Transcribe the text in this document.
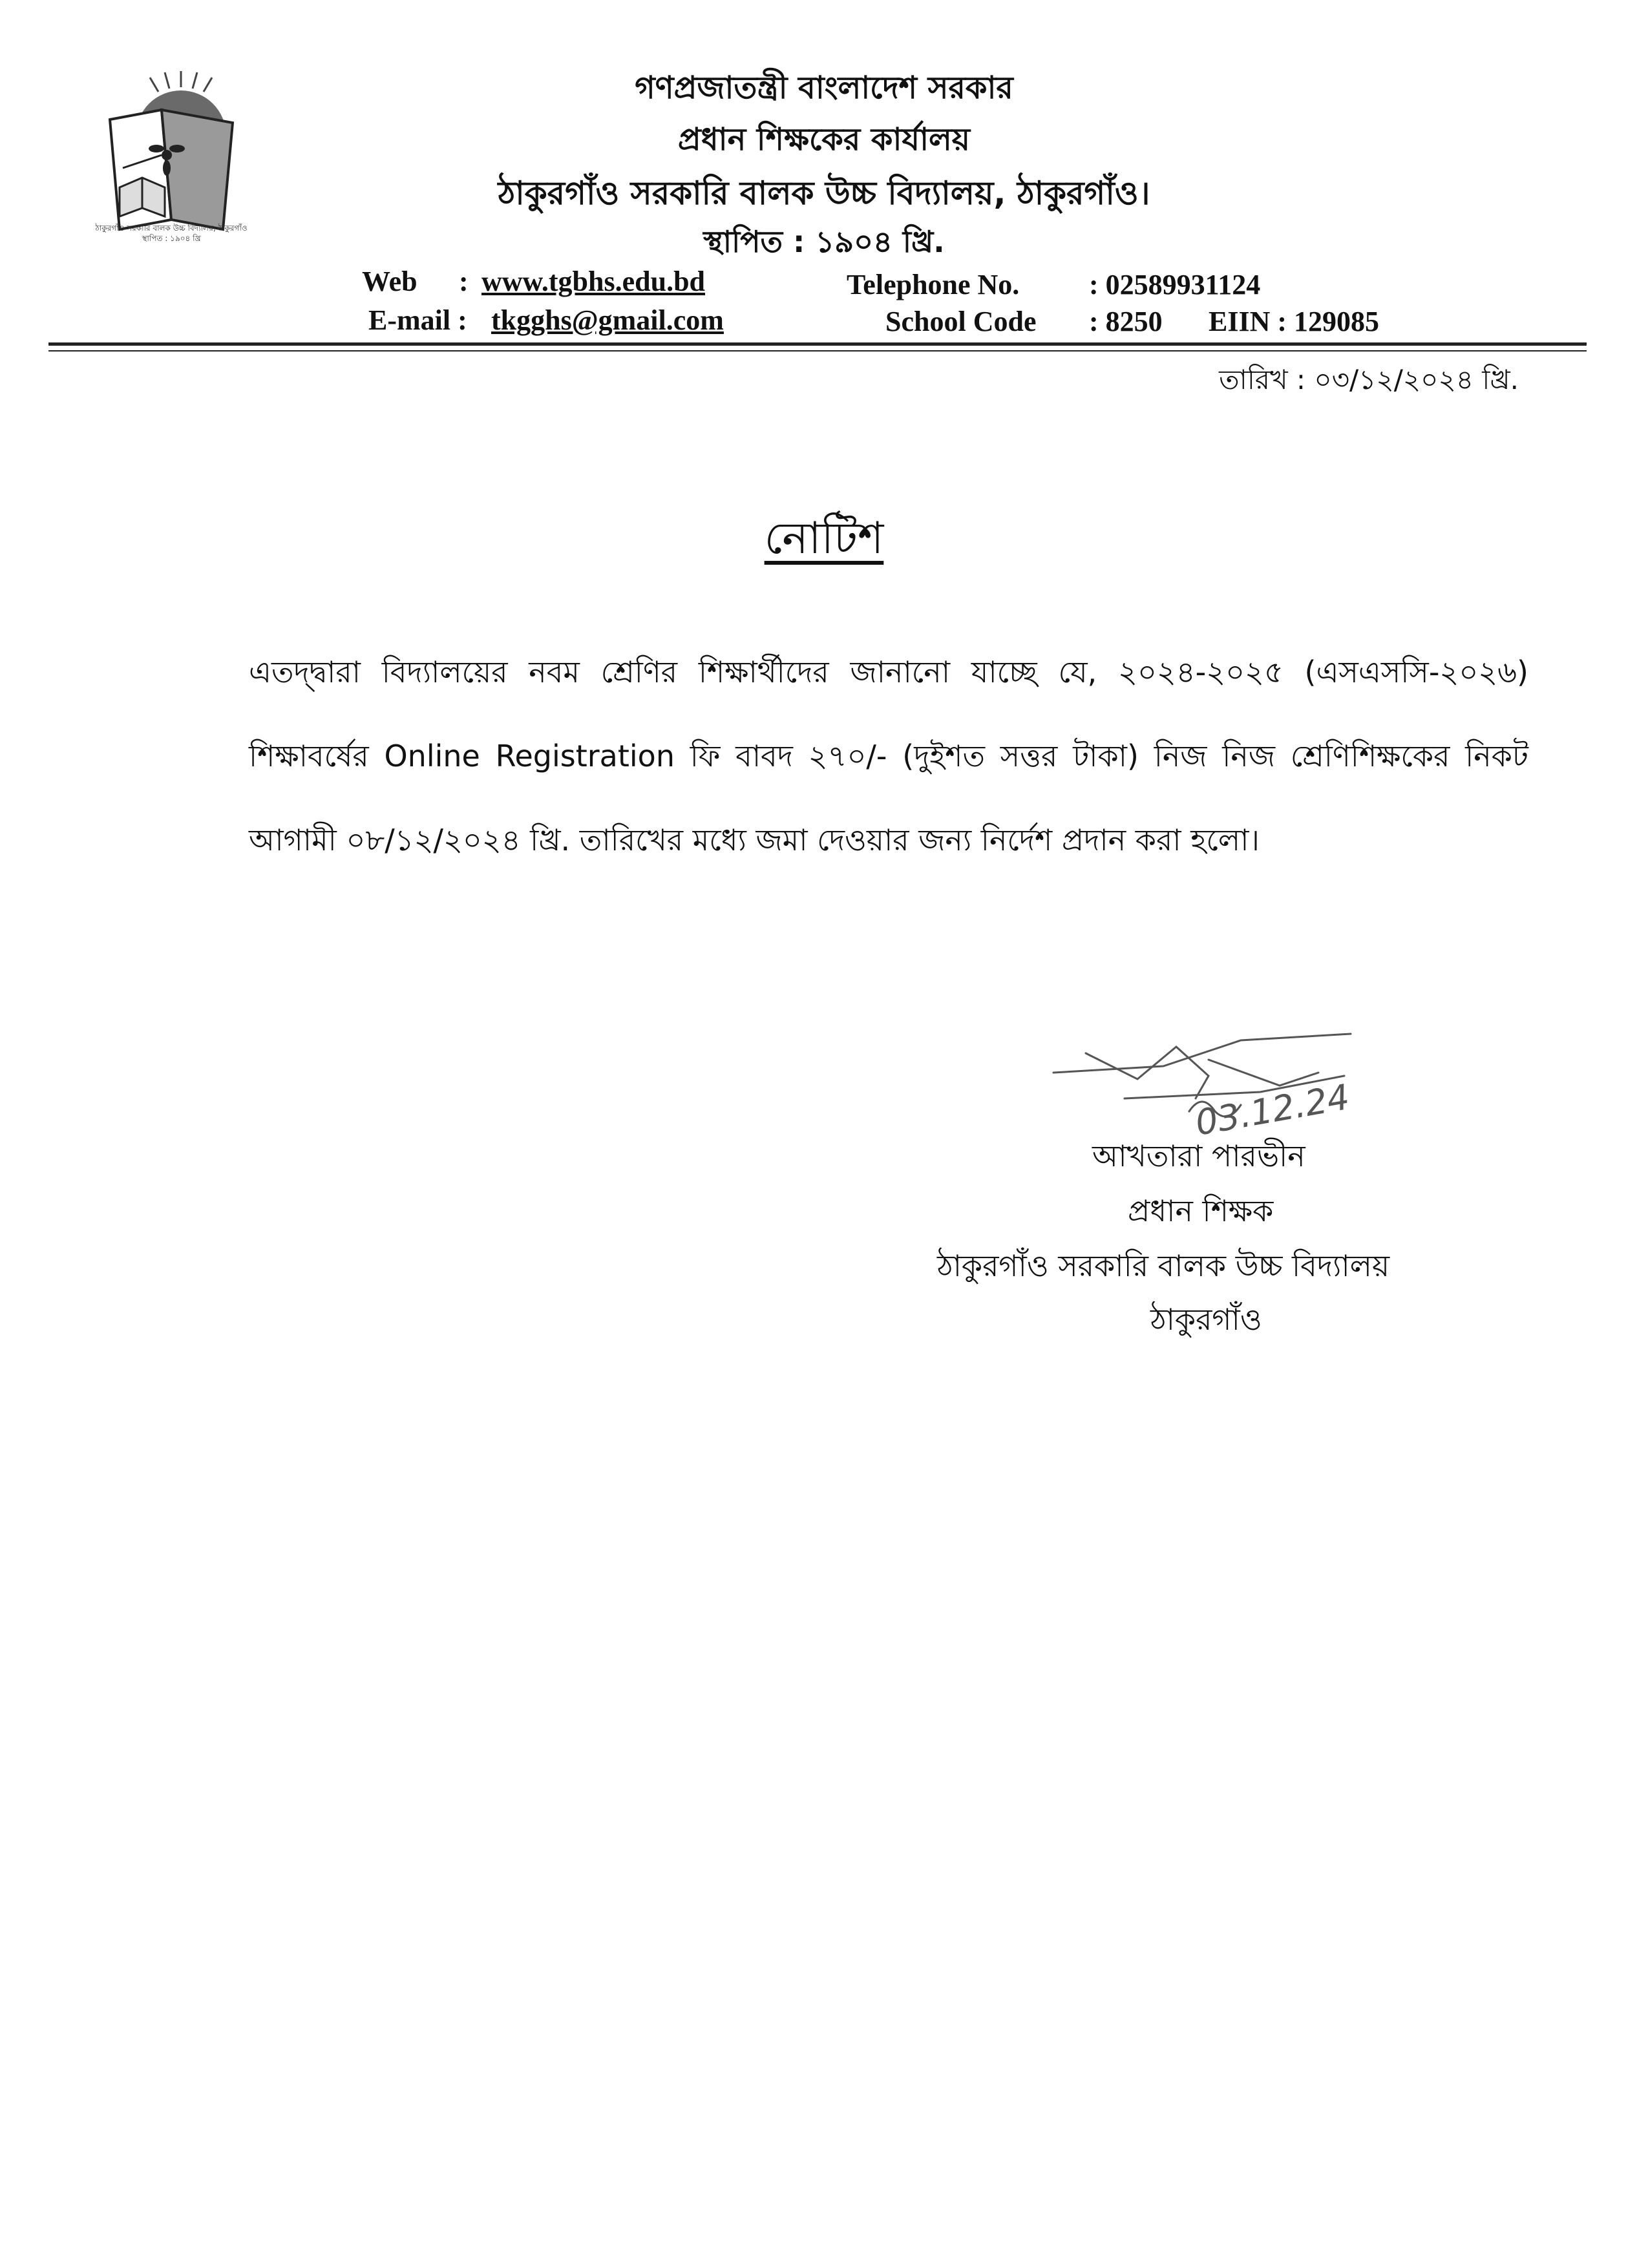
ঠাকুরগাঁও সরকারি বালক উচ্চ বিদ্যালয়, ঠাকুরগাঁও
স্থাপিত : ১৯০৪ খ্রি
গণপ্রজাতন্ত্রী বাংলাদেশ সরকার
প্রধান শিক্ষকের কার্যালয়
ঠাকুরগাঁও সরকারি বালক উচ্চ বিদ্যালয়, ঠাকুরগাঁও।
স্থাপিত : ১৯০৪ খ্রি.
Web : www.tgbhs.edu.bd
E-mail : tkgghs@gmail.com
Telephone No. : 02589931124
School Code : 8250 EIIN : 129085
তারিখ : ০৩/১২/২০২৪ খ্রি.
নোটিশ
এতদ্দ্বারা বিদ্যালয়ের নবম শ্রেণির শিক্ষার্থীদের জানানো যাচ্ছে যে, ২০২৪-২০২৫ (এসএসসি-২০২৬) শিক্ষাবর্ষের Online Registration ফি বাবদ ২৭০/- (দুইশত সত্তর টাকা) নিজ নিজ শ্রেণিশিক্ষকের নিকট আগামী ০৮/১২/২০২৪ খ্রি. তারিখের মধ্যে জমা দেওয়ার জন্য নির্দেশ প্রদান করা হলো।
03.12.24
আখতারা পারভীন
প্রধান শিক্ষক
ঠাকুরগাঁও সরকারি বালক উচ্চ বিদ্যালয়
ঠাকুরগাঁও
